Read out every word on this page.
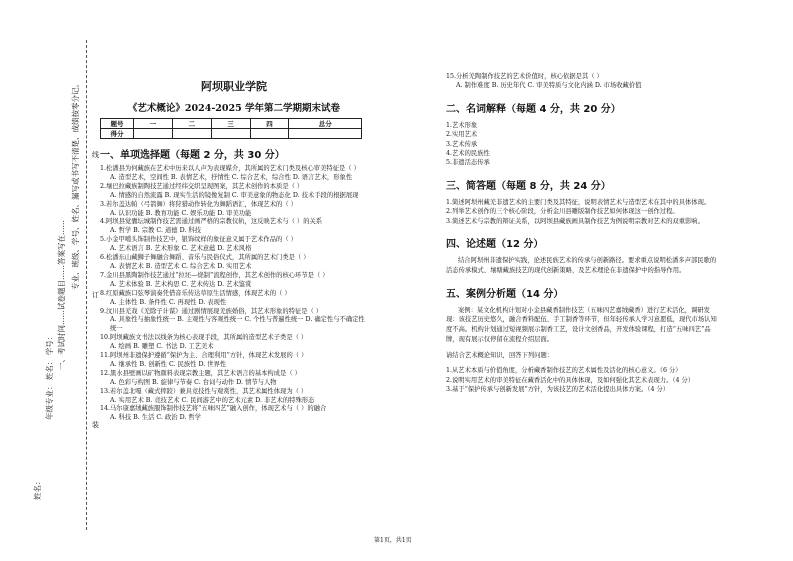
专业、班级、学号、姓名、漏写或书写不清楚、成绩按零分记。
一、考试时间……试卷题目……答案写在……
年级专业： 姓名： 学号：
线
订
装
姓名：

阿坝职业学院

《艺术概论》2024-2025 学年第二学期期末试卷

题号	一	二	三	四	总分
得分					
一、单项选择题（每题 2 分，共 30 分）

1.松潘县为何藏族在艺术中历来以人声为表现媒介，其所属的艺术门类及核心审美特征是（ ）

A. 造型艺术，空间性 B. 表情艺术，抒情性 C. 综合艺术，综合性 D. 语言艺术，形象性

2.壤巴拉藏族制陶技艺通过经纬交织呈现图案，其艺术创作的本质是（ ）

A. 情感的自然流露 B. 现实生活的镜像复制 C. 审美意象的物态化 D. 技术手段的根据展现

3.若尔盖达帕（弓箭舞）将狩猎动作转化为舞蹈语汇，体现艺术的（ ）

A. 认识功能 B. 教育功能 C. 娱乐功能 D. 审美功能

4.阿坝县觉囊坛城制作技艺需通过画严格的宗教仪轨，这反映艺术与（ ）的关系

A. 哲学 B. 宗教 C. 道德 D. 科技

5.小金甲噶头饰制作技艺中，银饰纹样的象征意义属于艺术作品的（ ）

A. 艺术语言 B. 艺术形象 C. 艺术意蕴 D. 艺术风格

6.松潘东山藏狮子舞融合舞蹈、音乐与民俗仪式，其所属的艺术门类是（ ）

A. 表情艺术 B. 造型艺术 C. 综合艺术 D. 实用艺术

7.金川县黑陶制作技艺通过“拉坯—烧制”流程创作，其艺术创作的核心环节是（ ）

A. 艺术体验 B. 艺术构思 C. 艺术传达 D. 艺术鉴赏

8.红原藏族口弦琴演奏凭借音乐传达草原生活情感，体现艺术的（ ）

A. 主体性 B. 条件性 C. 再现性 D. 表现性

9.汶川县羌戏《羌除子计谋》通过剧情展现羌族婚俗，其艺术形象的特征是（ ）

A. 具象性与抽象性统一 B. 主观性与客观性统一 C. 个性与普遍性统一 D. 确定性与不确定性统一

10.阿坝藏族文书法以线条为核心表现手段，其所属的造型艺术子类是（ ）

A. 绘画 B. 雕塑 C. 书法 D. 工艺美术

11.阿坝州非遗保护遵循“保护为主、合理利用”方针，体现艺术发展的（ ）

A. 继承性 B. 创新性 C. 民族性 D. 世界性

12.黑水县壁画以矿物颜料表现宗教主题，其艺术语言的基本构成是（ ）

A. 色彩与构图 B. 旋律与节奏 C. 台词与动作 D. 情节与人物

13.若尔盖北嘎（藏式摔跤）兼具竞技性与观赏性，其艺术属性体现为（ ）

A. 实用艺术 B. 竞技艺术 C. 民间游艺中的艺术元素 D. 非艺术的特殊形态

14.马尔康嘉绒藏族服饰制作技艺将“五味四艺”融入创作，体现艺术与（ ）的融合

A. 科技 B. 生活 C. 政治 D. 哲学

15.分析羌陶制作技艺的艺术价值时，核心依据是其（ ）

A. 制作难度 B. 历史年代 C. 审美特质与文化内涵 D. 市场收藏价值

二、名词解释（每题 4 分，共 20 分）

1.艺术形象

2.实用艺术

3.艺术传承

4.艺术的民族性

5.非遗活态传承

三、简答题（每题 8 分，共 24 分）

1.简述阿坝州藏羌非遗艺术的主要门类及其特征，说明表情艺术与造型艺术在其中的具体体现。

2.列举艺术创作的三个核心阶段，分析金川县雕版制作技艺如何体现这一创作过程。

3.简述艺术与宗教的辩证关系，以阿坝县藏族画具制作技艺为例说明宗教对艺术的双重影响。

四、论述题（12 分）

结合阿坝州非遗保护实践，论述民族艺术的传承与创新路径。要求重点说明松潘多声部民歌的活态传承模式、壤塘藏族技艺的现代创新策略，及艺术理论在非遗保护中的指导作用。

五、案例分析题（14 分）

案例：某文化机构计划对小金县藏香制作技艺（五味四艺嘉绒藏香）进行艺术活化，调研发现：该技艺历史悠久，融合香料配伍、手工制香等环节，但年轻传承人学习意愿低，现代市场认知度不高。机构计划通过短视频展示制香工艺，设计文创香品，开发体验课程，打造“五味四艺”品牌，现有展示仅停留在流程介绍层面。

请结合艺术概论知识，回答下列问题：

1.从艺术本质与价值角度，分析藏香制作技艺的艺术属性及活化的核心意义。（6 分）

2.说明实用艺术的审美特征在藏香活化中的具体体现，及如何强化其艺术表现力。（4 分）

3.基于“保护传承与创新发展”方针，为该技艺的艺术活化提出具体方案。（4 分）

第1页，共1页
